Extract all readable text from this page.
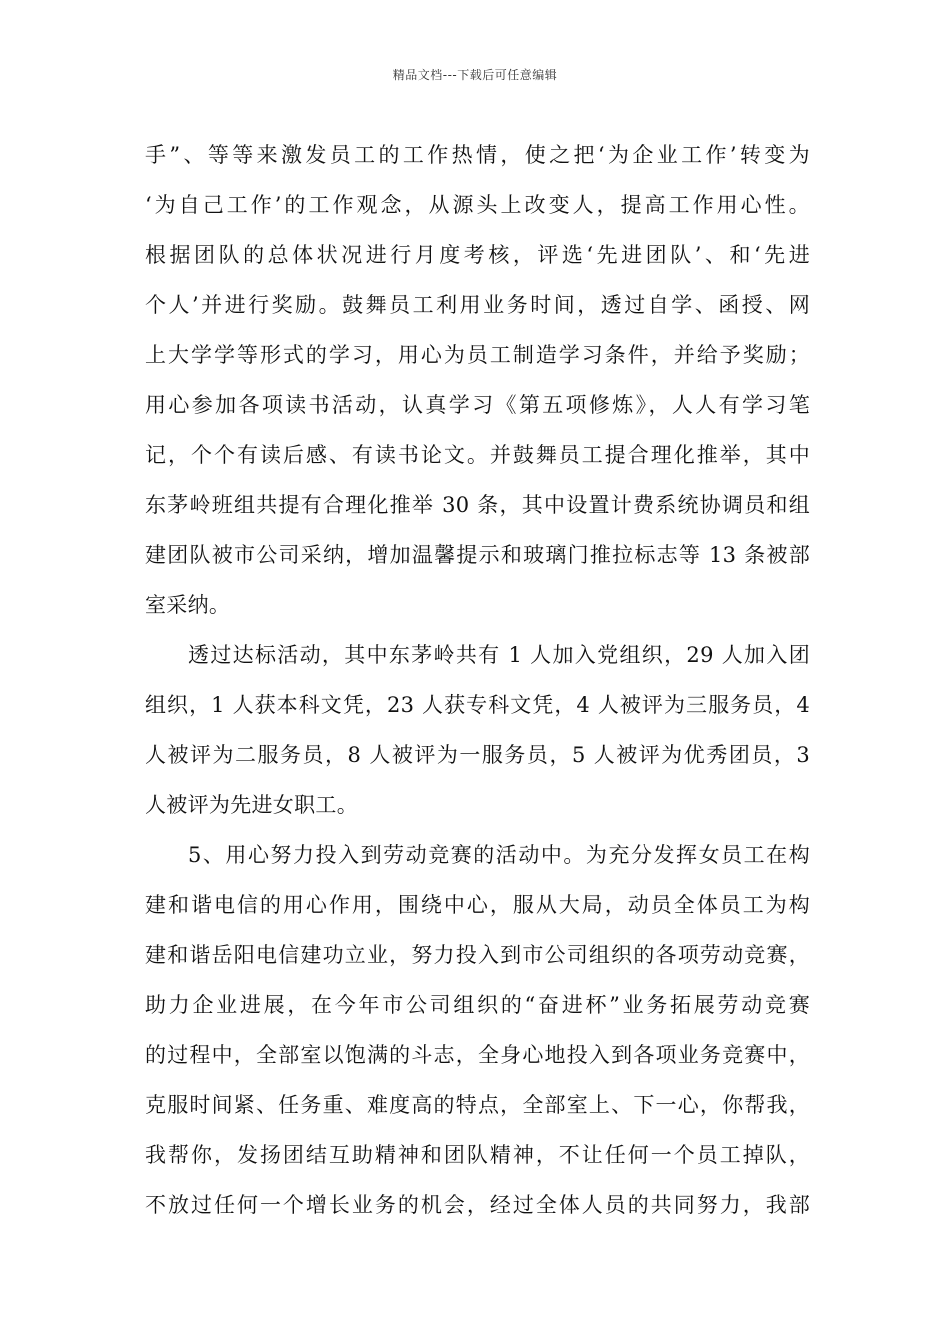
精品文档---下载后可任意编辑
手”、等等来激发员工的工作热情，使之把‘为企业工作’转变为
‘为自己工作’的工作观念，从源头上改变人，提高工作用心性。
根据团队的总体状况进行月度考核，评选‘先进团队’、和‘先进
个人’并进行奖励。鼓舞员工利用业务时间，透过自学、函授、网
上大学学等形式的学习，用心为员工制造学习条件，并给予奖励；
用心参加各项读书活动，认真学习《第五项修炼》，人人有学习笔
记，个个有读后感、有读书论文。并鼓舞员工提合理化推举，其中
东茅岭班组共提有合理化推举 30 条，其中设置计费系统协调员和组
建团队被市公司采纳，增加温馨提示和玻璃门推拉标志等 13 条被部
室采纳。
透过达标活动，其中东茅岭共有 1 人加入党组织，29 人加入团
组织，1 人获本科文凭，23 人获专科文凭，4 人被评为三服务员，4
人被评为二服务员，8 人被评为一服务员，5 人被评为优秀团员，3
人被评为先进女职工。
5、用心努力投入到劳动竞赛的活动中。为充分发挥女员工在构
建和谐电信的用心作用，围绕中心，服从大局，动员全体员工为构
建和谐岳阳电信建功立业，努力投入到市公司组织的各项劳动竞赛，
助力企业进展，在今年市公司组织的“奋进杯”业务拓展劳动竞赛
的过程中，全部室以饱满的斗志，全身心地投入到各项业务竞赛中，
克服时间紧、任务重、难度高的特点，全部室上、下一心，你帮我，
我帮你，发扬团结互助精神和团队精神，不让任何一个员工掉队，
不放过任何一个增长业务的机会，经过全体人员的共同努力，我部
